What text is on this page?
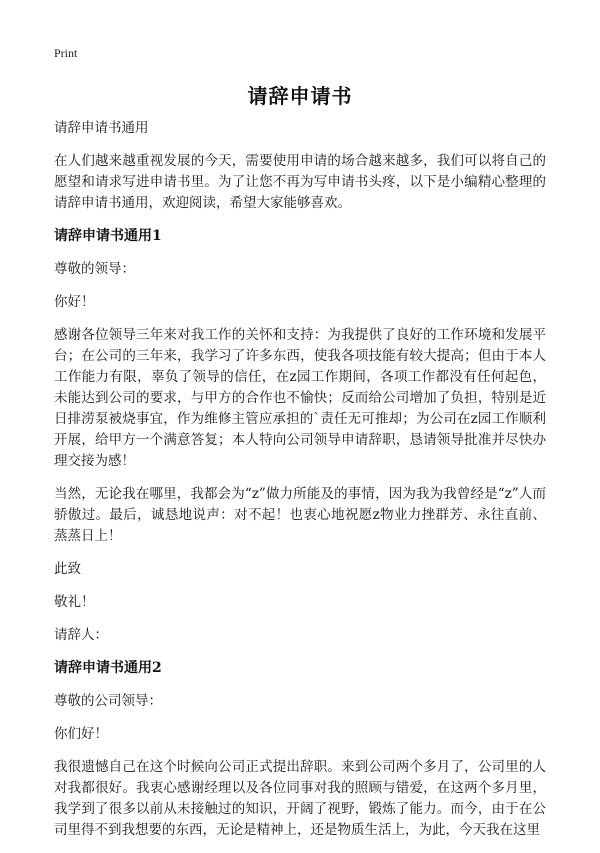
Print
请辞申请书

请辞申请书通用

在人们越来越重视发展的今天，需要使用申请的场合越来越多，我们可以将自己的愿望和请求写进申请书里。为了让您不再为写申请书头疼，以下是小编精心整理的请辞申请书通用，欢迎阅读，希望大家能够喜欢。

请辞申请书通用1

尊敬的领导：

你好！

感谢各位领导三年来对我工作的关怀和支持：为我提供了良好的工作环境和发展平台；在公司的三年来，我学习了许多东西，使我各项技能有较大提高；但由于本人工作能力有限，辜负了领导的信任，在z园工作期间，各项工作都没有任何起色，未能达到公司的要求，与甲方的合作也不愉快；反而给公司增加了负担，特别是近日排涝泵被烧事宜，作为维修主管应承担的`责任无可推却；为公司在z园工作顺利开展，给甲方一个满意答复；本人特向公司领导申请辞职，恳请领导批准并尽快办理交接为感！

当然，无论我在哪里，我都会为“z”做力所能及的事情，因为我为我曾经是“z”人而骄傲过。最后，诚恳地说声：对不起！也衷心地祝愿z物业力挫群芳、永往直前、蒸蒸日上！

此致

敬礼！

请辞人：

请辞申请书通用2

尊敬的公司领导：

你们好！

我很遗憾自己在这个时候向公司正式提出辞职。来到公司两个多月了，公司里的人对我都很好。我衷心感谢经理以及各位同事对我的照顾与错爱，在这两个多月里，我学到了很多以前从未接触过的知识，开阔了视野，锻炼了能力。而今，由于在公司里得不到我想要的东西，无论是精神上，还是物质生活上，为此，今天我在这里
